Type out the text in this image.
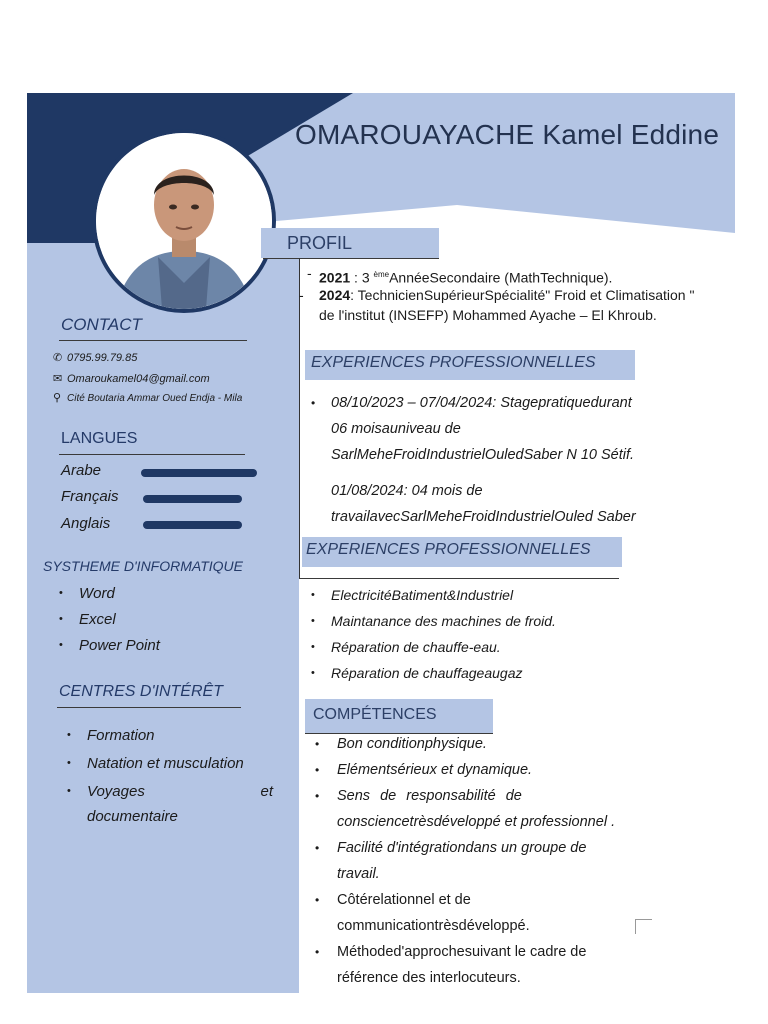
OMAROUAYACHE Kamel Eddine
PROFIL
2021 : 3 $^{ème}$AnnéeSecondaire (MathTechnique).
-	2024: TechnicienSupérieurSpécialité" Froid et Climatisation " de l'institut (INSEFP) Mohammed Ayache – El Khroub.
-
CONTACT
✆ 0795.99.79.85
✉ Omaroukamel04@gmail.com
⚲ Cité Boutaria Ammar Oued Endja - Mila
LANGUES
Arabe
Français
Anglais
SYSTHEME D'INFORMATIQUE
• Word
• Excel
• Power Point
CENTRES D'INTÉRÊT
• Formation
• Natation et musculation
• Voyages	et
documentaire
EXPERIENCES PROFESSIONNELLES
• 08/10/2023 – 07/04/2024: Stagepratiquedurant
06 moisauniveau de
SarlMeheFroidIndustrielOuledSaber N 10 Sétif.
01/08/2024: 04 mois de
travailavecSarlMeheFroidIndustrielOuled Saber
EXPERIENCES PROFESSIONNELLES
• ElectricitéBatiment&Industriel
• Maintanance des machines de froid.
• Réparation de chauffe-eau.
• Réparation de chauffageaugaz
COMPÉTENCES
• Bon conditionphysique.
• Elémentsérieux et dynamique.
• Sens de responsabilité de
consciencetrèsdéveloppé et professionnel .
• Facilité d'intégrationdans un groupe de
travail.
• Côtérelationnel et de
communicationtrèsdéveloppé.
• Méthoded'approchesuivant le cadre de
référence des interlocuteurs.
